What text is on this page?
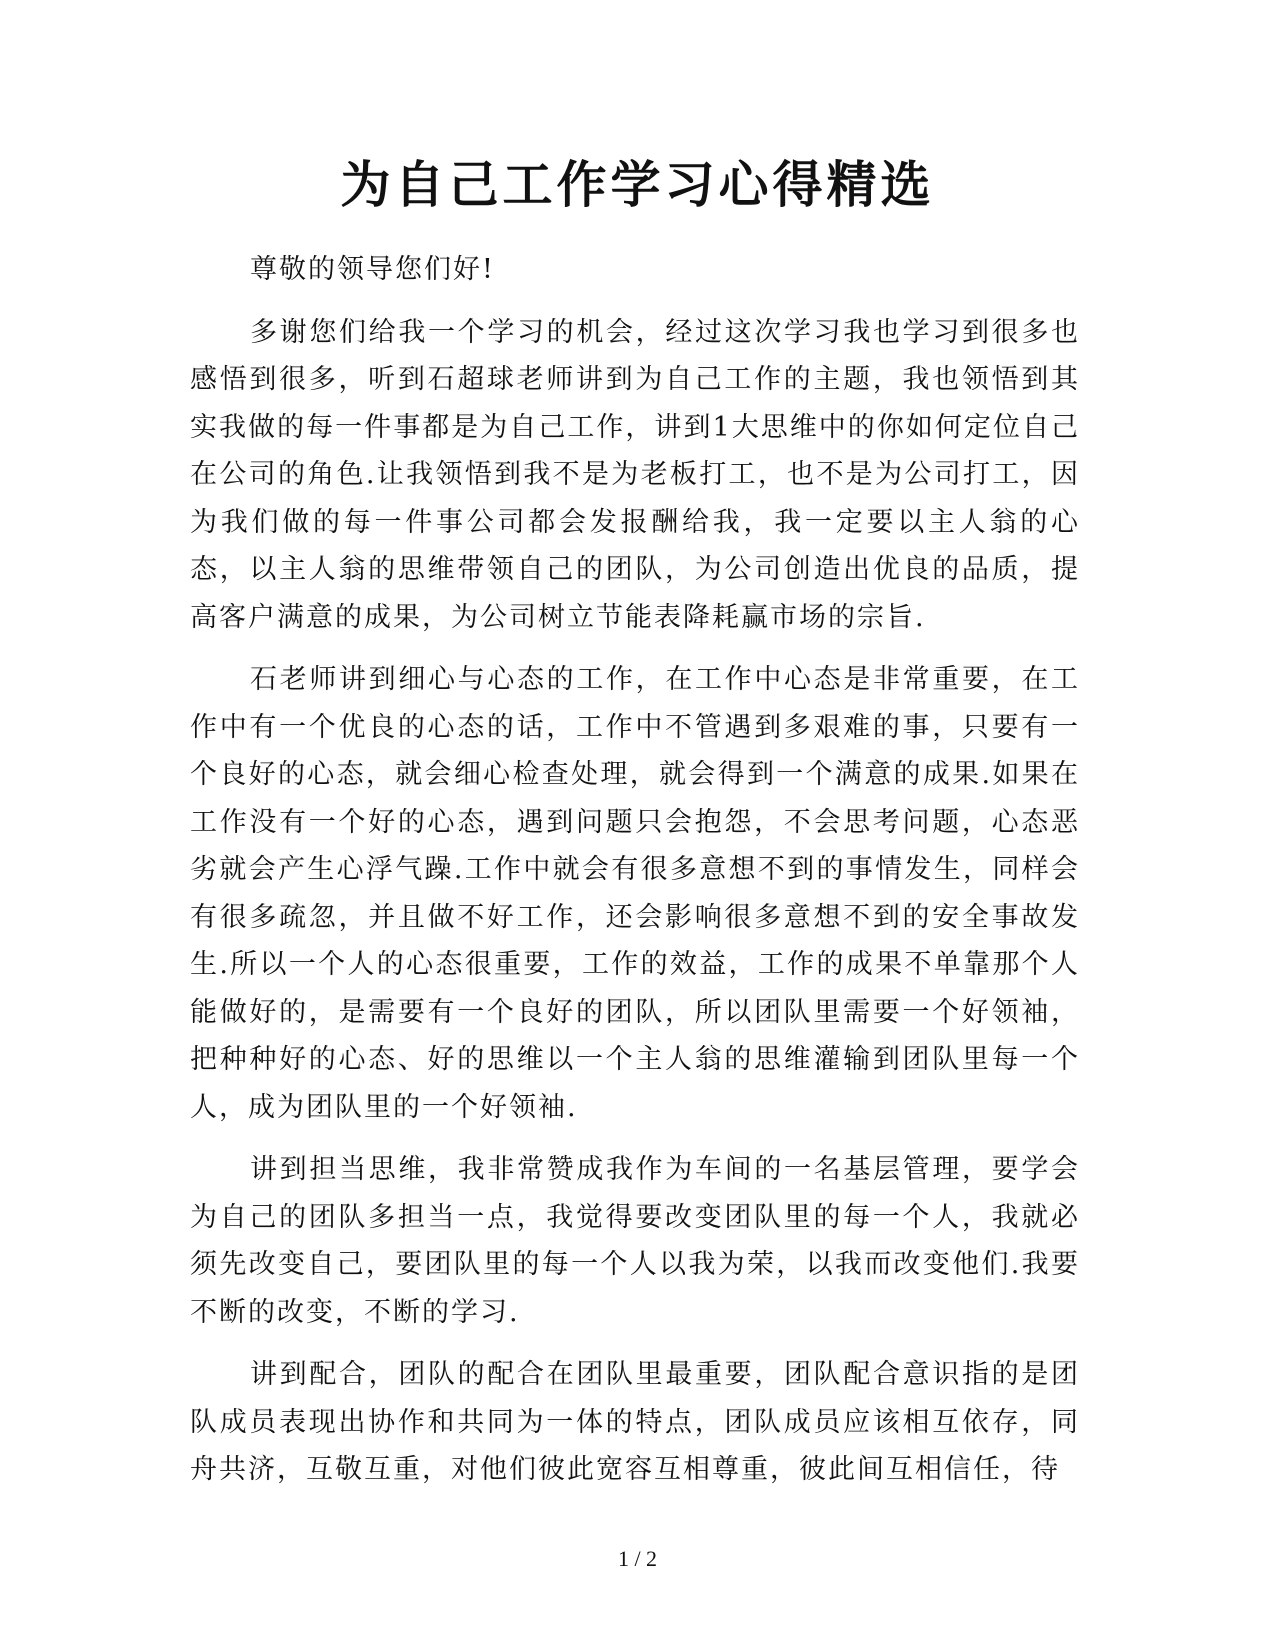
为自己工作学习心得精选
尊敬的领导您们好!
多谢您们给我一个学习的机会，经过这次学习我也学习到很多也感悟到很多，听到石超球老师讲到为自己工作的主题，我也领悟到其实我做的每一件事都是为自己工作，讲到1大思维中的你如何定位自己在公司的角色.让我领悟到我不是为老板打工，也不是为公司打工，因为我们做的每一件事公司都会发报酬给我，我一定要以主人翁的心态，以主人翁的思维带领自己的团队，为公司创造出优良的品质，提高客户满意的成果，为公司树立节能表降耗赢市场的宗旨.
石老师讲到细心与心态的工作，在工作中心态是非常重要，在工作中有一个优良的心态的话，工作中不管遇到多艰难的事，只要有一个良好的心态，就会细心检查处理，就会得到一个满意的成果.如果在工作没有一个好的心态，遇到问题只会抱怨，不会思考问题，心态恶劣就会产生心浮气躁.工作中就会有很多意想不到的事情发生，同样会有很多疏忽，并且做不好工作，还会影响很多意想不到的安全事故发生.所以一个人的心态很重要，工作的效益，工作的成果不单靠那个人能做好的，是需要有一个良好的团队，所以团队里需要一个好领袖，把种种好的心态、好的思维以一个主人翁的思维灌输到团队里每一个人，成为团队里的一个好领袖.
讲到担当思维，我非常赞成我作为车间的一名基层管理，要学会为自己的团队多担当一点，我觉得要改变团队里的每一个人，我就必须先改变自己，要团队里的每一个人以我为荣，以我而改变他们.我要不断的改变，不断的学习.
讲到配合，团队的配合在团队里最重要，团队配合意识指的是团队成员表现出协作和共同为一体的特点，团队成员应该相互依存，同舟共济，互敬互重，对他们彼此宽容互相尊重，彼此间互相信任，待
1 / 2
